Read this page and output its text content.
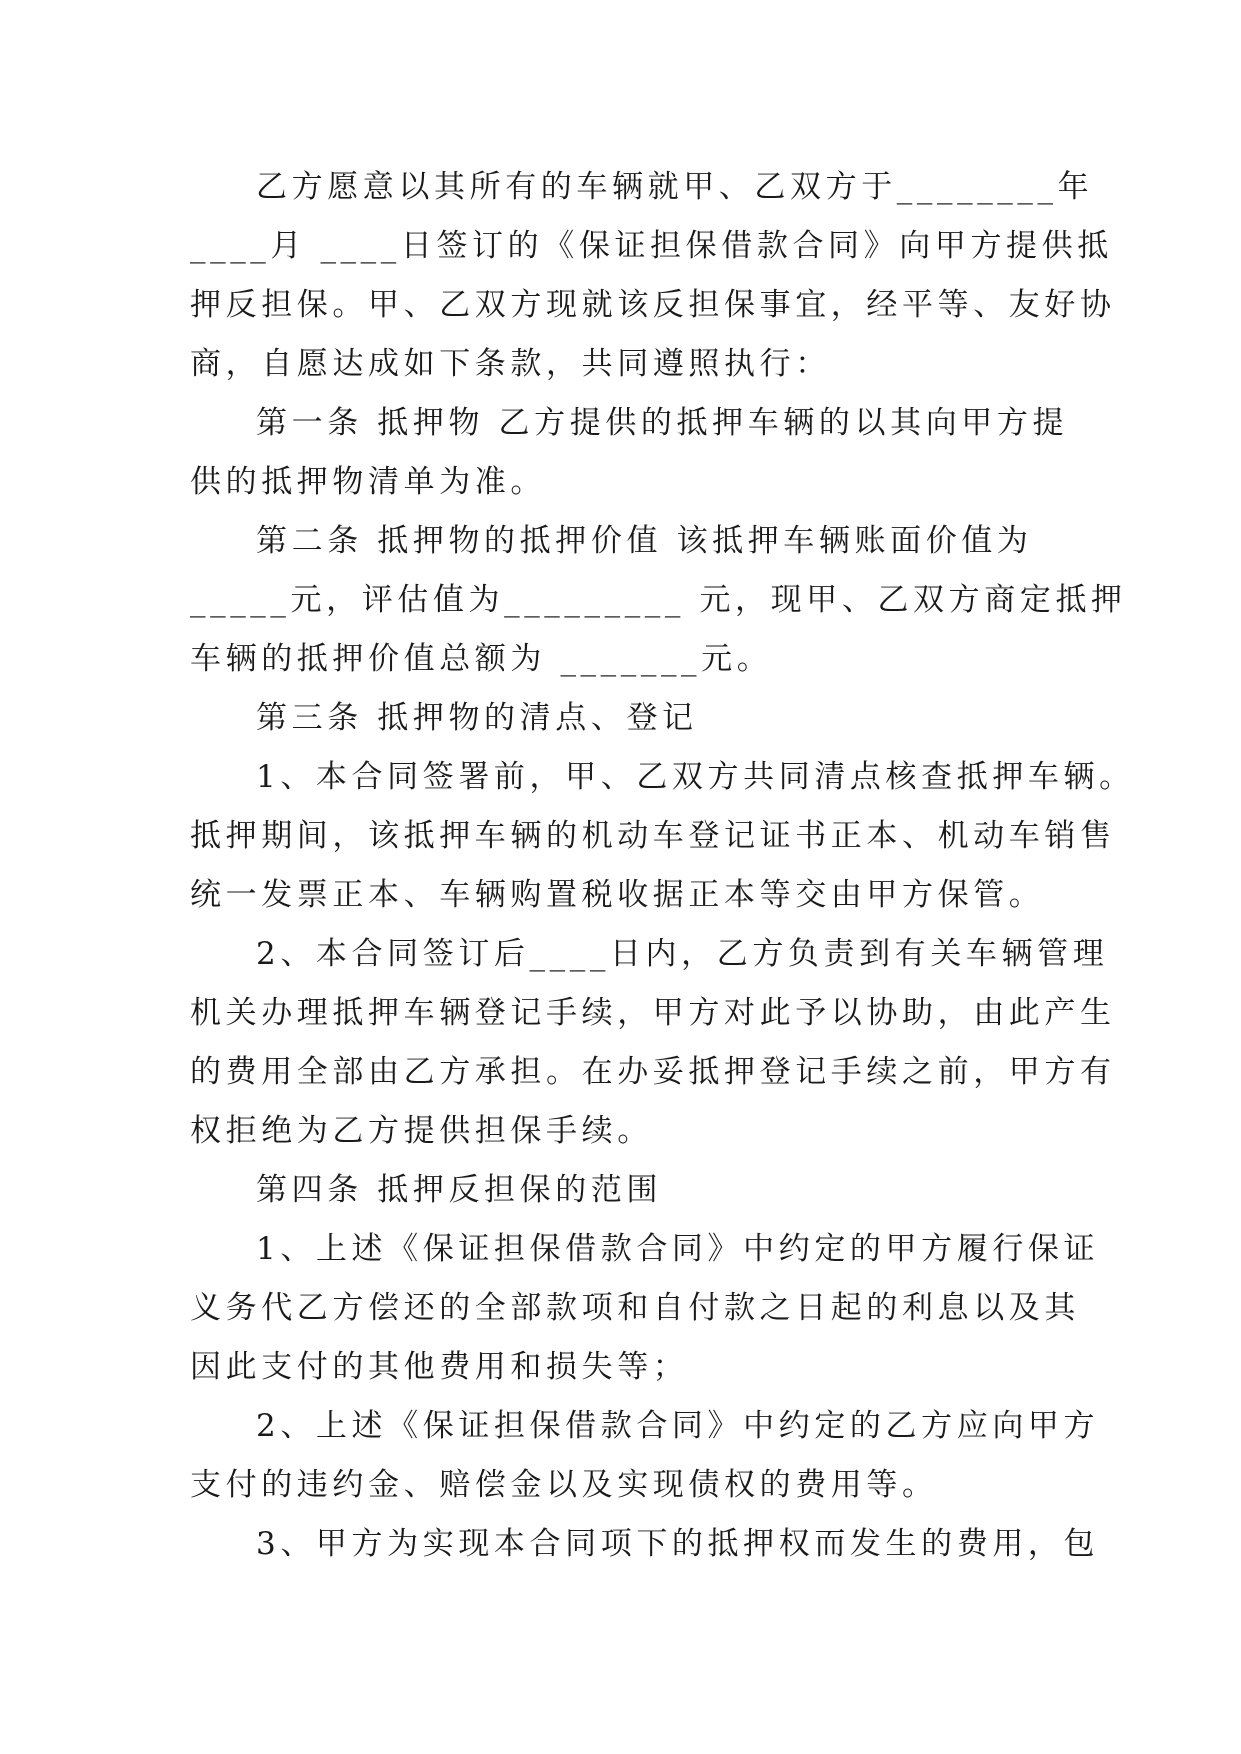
乙方愿意以其所有的车辆就甲、乙双方于________年
____月 ____日签订的《保证担保借款合同》向甲方提供抵
押反担保。甲、乙双方现就该反担保事宜，经平等、友好协
商，自愿达成如下条款，共同遵照执行：
第一条 抵押物 乙方提供的抵押车辆的以其向甲方提
供的抵押物清单为准。
第二条 抵押物的抵押价值 该抵押车辆账面价值为
_____元，评估值为_________ 元，现甲、乙双方商定抵押
车辆的抵押价值总额为 _______元。
第三条 抵押物的清点、登记
1、本合同签署前，甲、乙双方共同清点核查抵押车辆。
抵押期间，该抵押车辆的机动车登记证书正本、机动车销售
统一发票正本、车辆购置税收据正本等交由甲方保管。
2、本合同签订后____日内，乙方负责到有关车辆管理
机关办理抵押车辆登记手续，甲方对此予以协助，由此产生
的费用全部由乙方承担。在办妥抵押登记手续之前，甲方有
权拒绝为乙方提供担保手续。
第四条 抵押反担保的范围
1、上述《保证担保借款合同》中约定的甲方履行保证
义务代乙方偿还的全部款项和自付款之日起的利息以及其
因此支付的其他费用和损失等；
2、上述《保证担保借款合同》中约定的乙方应向甲方
支付的违约金、赔偿金以及实现债权的费用等。
3、甲方为实现本合同项下的抵押权而发生的费用，包
